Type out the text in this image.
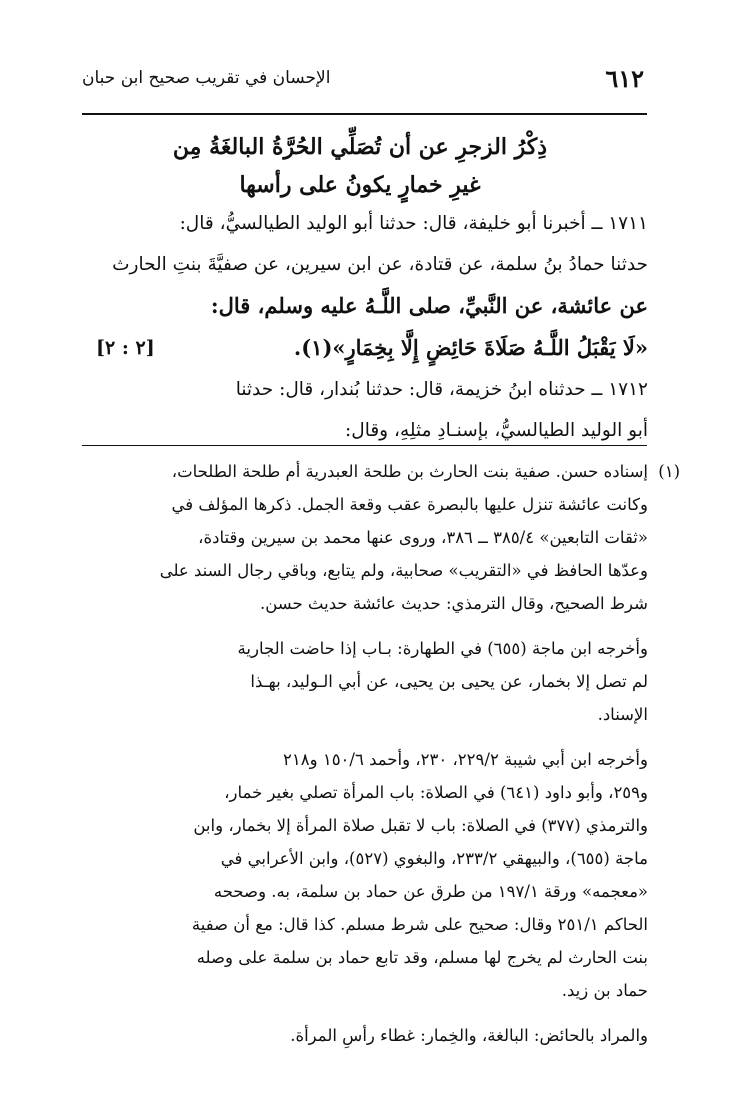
٦١٢
الإحسان في تقريب صحيح ابن حبان
ذِكْرُ الزجرِ عن أن تُصَلِّي الحُرَّةُ البالغَةُ مِن
غيرِ خمارٍ يكونُ على رأسها
١٧١١ ــ أخبرنا أبو خليفة، قال: حدثنا أبو الوليد الطيالسيُّ، قال:
حدثنا حمادُ بنُ سلمة، عن قتادة، عن ابن سيرين، عن صفيَّةَ بنتِ الحارث
عن عائشة، عن النَّبيِّ، صلى اللَّـهُ عليه وسلم، قال:
«لَا يَقْبَلُ اللَّـهُ صَلَاةَ حَائِضٍ إِلَّا بِخِمَارٍ»(١).
[٢ : ٢]
١٧١٢ ــ حدثناه ابنُ خزيمة، قال: حدثنا بُندار، قال: حدثنا
أبو الوليد الطيالسيُّ، بإسنـادِ مثلِهِ، وقال:
(١)
إسناده حسن. صفية بنت الحارث بن طلحة العبدرية أم طلحة الطلحات،
وكانت عائشة تنزل عليها بالبصرة عقب وقعة الجمل. ذكرها المؤلف في
«ثقات التابعين» ٣٨٥/٤ ــ ٣٨٦، وروى عنها محمد بن سيرين وقتادة،
وعدّها الحافظ في «التقريب» صحابية، ولم يتابع، وباقي رجال السند على
شرط الصحيح، وقال الترمذي: حديث عائشة حديث حسن.
وأخرجه ابن ماجة (٦٥٥) في الطهارة: بـاب إذا حاضت الجارية
لم تصل إلا بخمار، عن يحيى بن يحيى، عن أبي الـوليد، بهـذا
الإسناد.
وأخرجه ابن أبي شيبة ٢٢٩/٢، ٢٣٠، وأحمد ١٥٠/٦ و٢١٨
و٢٥٩، وأبو داود (٦٤١) في الصلاة: باب المرأة تصلي بغير خمار،
والترمذي (٣٧٧) في الصلاة: باب لا تقبل صلاة المرأة إلا بخمار، وابن
ماجة (٦٥٥)، والبيهقي ٢٣٣/٢، والبغوي (٥٢٧)، وابن الأعرابي في
«معجمه» ورقة ١٩٧/١ من طرق عن حماد بن سلمة، به. وصححه
الحاكم ٢٥١/١ وقال: صحيح على شرط مسلم. كذا قال: مع أن صفية
بنت الحارث لم يخرج لها مسلم، وقد تابع حماد بن سلمة على وصله
حماد بن زيد.
والمراد بالحائض: البالغة، والخِمار: غطاء رأسِ المرأة.
